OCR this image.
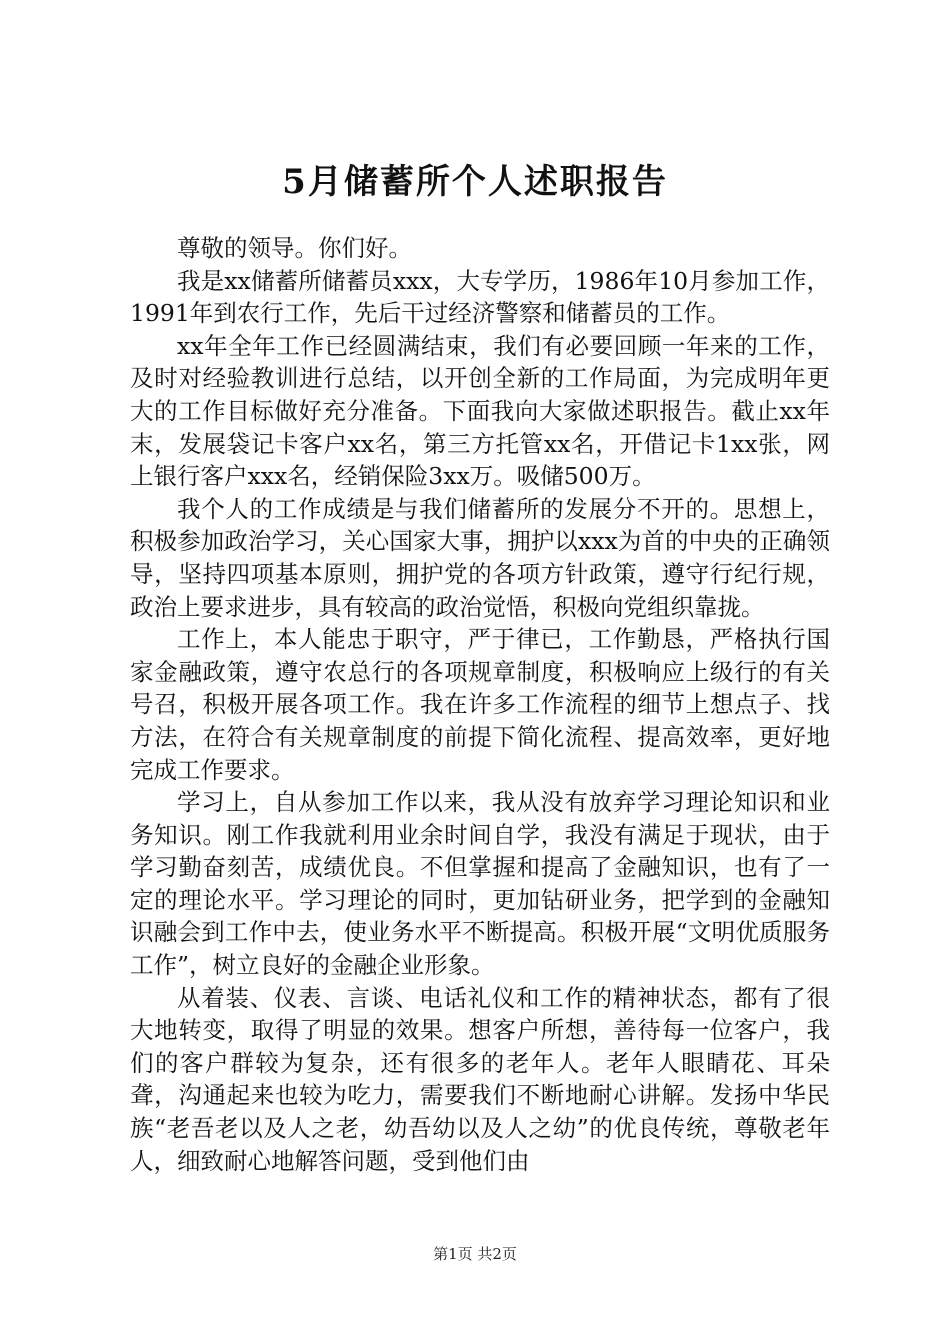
5月储蓄所个人述职报告

尊敬的领导。你们好。

我是xx储蓄所储蓄员xxx，大专学历，1986年10月参加工作，1991年到农行工作，先后干过经济警察和储蓄员的工作。

xx年全年工作已经圆满结束，我们有必要回顾一年来的工作，及时对经验教训进行总结，以开创全新的工作局面，为完成明年更大的工作目标做好充分准备。下面我向大家做述职报告。截止xx年末，发展袋记卡客户xx名，第三方托管xx名，开借记卡1xx张，网上银行客户xxx名，经销保险3xx万。吸储500万。

我个人的工作成绩是与我们储蓄所的发展分不开的。思想上，积极参加政治学习，关心国家大事，拥护以xxx为首的中央的正确领导，坚持四项基本原则，拥护党的各项方针政策，遵守行纪行规，政治上要求进步，具有较高的政治觉悟，积极向党组织靠拢。

工作上，本人能忠于职守，严于律已，工作勤恳，严格执行国家金融政策，遵守农总行的各项规章制度，积极响应上级行的有关号召，积极开展各项工作。我在许多工作流程的细节上想点子、找方法，在符合有关规章制度的前提下简化流程、提高效率，更好地完成工作要求。

学习上，自从参加工作以来，我从没有放弃学习理论知识和业务知识。刚工作我就利用业余时间自学，我没有满足于现状，由于学习勤奋刻苦，成绩优良。不但掌握和提高了金融知识，也有了一定的理论水平。学习理论的同时，更加钻研业务，把学到的金融知识融会到工作中去，使业务水平不断提高。积极开展“文明优质服务工作”，树立良好的金融企业形象。

从着装、仪表、言谈、电话礼仪和工作的精神状态，都有了很大地转变，取得了明显的效果。想客户所想，善待每一位客户，我们的客户群较为复杂，还有很多的老年人。老年人眼睛花、耳朵聋，沟通起来也较为吃力，需要我们不断地耐心讲解。发扬中华民族“老吾老以及人之老，幼吾幼以及人之幼”的优良传统，尊敬老年人，细致耐心地解答问题，受到他们由

第1页 共2页
